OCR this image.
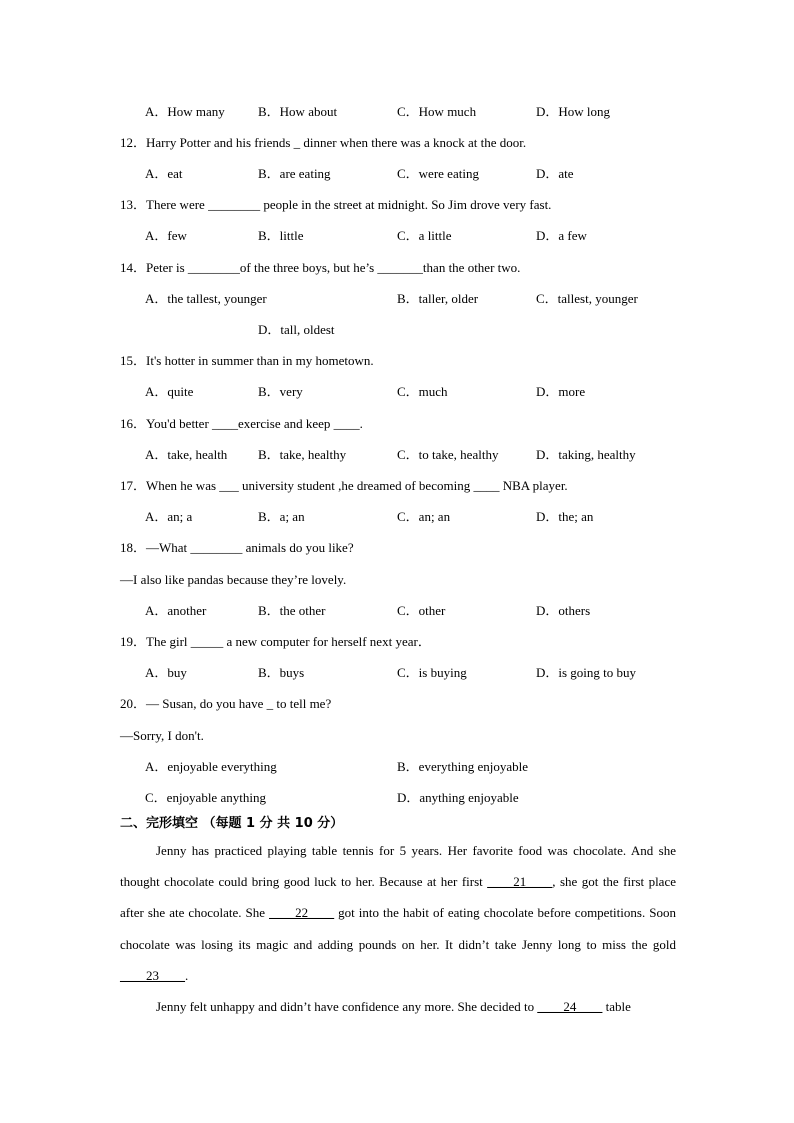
A．How many	B．How about	C．How much	D．How long
12．Harry Potter and his friends _ dinner when there was a knock at the door.
A．eat	B．are eating	C．were eating	D．ate
13．There were ________ people in the street at midnight. So Jim drove very fast.
A．few	B．little	C．a little	D．a few
14．Peter is ________of the three boys, but he’s _______than the other two.
A．the tallest, younger	B．taller, older	C．tallest, younger
D．tall, oldest
15．It's hotter in summer than in my hometown.
A．quite	B．very	C．much	D．more
16．You'd better ____exercise and keep ____.
A．take, health B．take, healthy	C．to take, healthy	D．taking, healthy
17．When he was ___ university student ,he dreamed of becoming ____ NBA player.
A．an; a	B．a; an	C．an; an	D．the; an
18．—What ________ animals do you like?
—I also like pandas because they’re lovely.
A．another	B．the other	C．other	D．others
19．The girl _____ a new computer for herself next year．
A．buy	B．buys	C．is buying	D．is going to buy
20．— Susan, do you have _ to tell me?
—Sorry, I don't.
A．enjoyable everything	B．everything enjoyable
C．enjoyable anything	D．anything enjoyable
二、完形填空 （每题 1 分 共 10 分）
Jenny has practiced playing table tennis for 5 years. Her favorite food was chocolate. And she thought chocolate could bring good luck to her. Because at her first ____21____, she got the first place after she ate chocolate. She ____22____ got into the habit of eating chocolate before competitions. Soon chocolate was losing its magic and adding pounds on her. It didn’t take Jenny long to miss the gold ____23____.
Jenny felt unhappy and didn’t have confidence any more. She decided to ____24____ table
